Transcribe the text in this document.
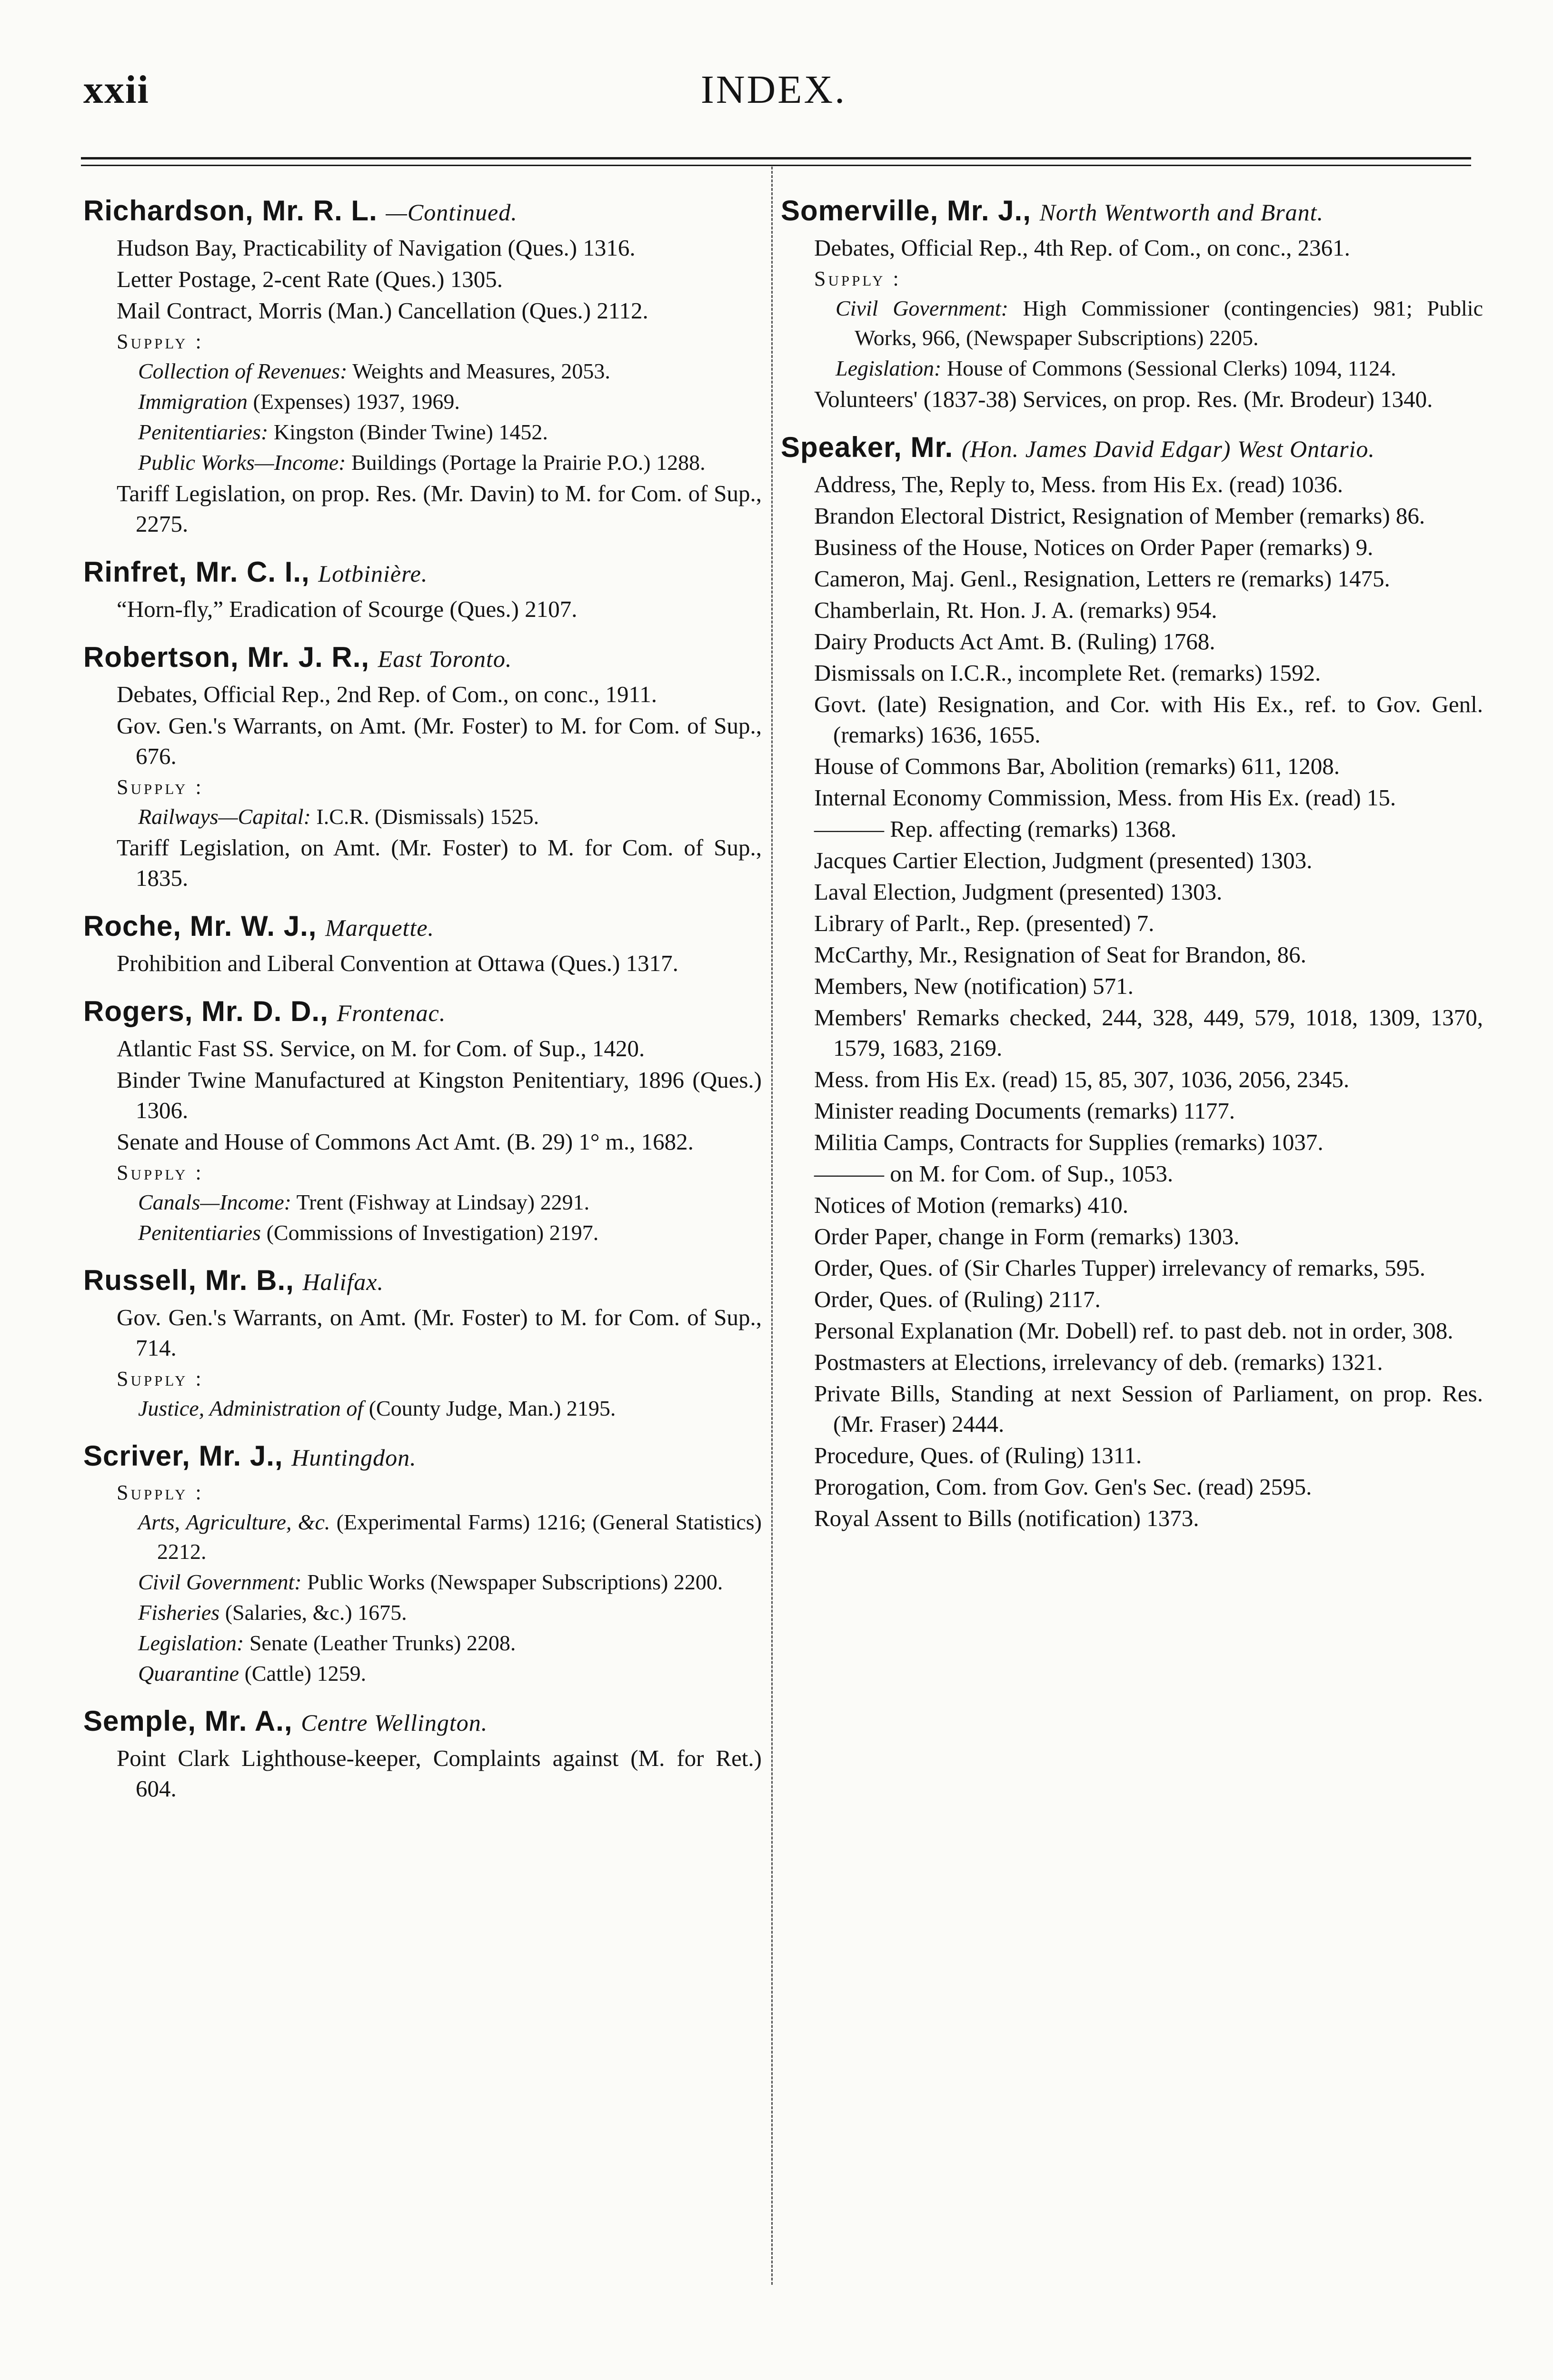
xxii	INDEX.

Richardson, Mr. R. L. —Continued.

Hudson Bay, Practicability of Navigation (Ques.) 1316.

Letter Postage, 2-cent Rate (Ques.) 1305.

Mail Contract, Morris (Man.) Cancellation (Ques.) 2112.

Supply :

Collection of Revenues: Weights and Measures, 2053.

Immigration (Expenses) 1937, 1969.

Penitentiaries: Kingston (Binder Twine) 1452.

Public Works—Income: Buildings (Portage la Prairie P.O.) 1288.

Tariff Legislation, on prop. Res. (Mr. Davin) to M. for Com. of Sup., 2275.

Rinfret, Mr. C. I., Lotbinière.

“Horn-fly,” Eradication of Scourge (Ques.) 2107.

Robertson, Mr. J. R., East Toronto.

Debates, Official Rep., 2nd Rep. of Com., on conc., 1911.

Gov. Gen.'s Warrants, on Amt. (Mr. Foster) to M. for Com. of Sup., 676.

Supply :

Railways—Capital: I.C.R. (Dismissals) 1525.

Tariff Legislation, on Amt. (Mr. Foster) to M. for Com. of Sup., 1835.

Roche, Mr. W. J., Marquette.

Prohibition and Liberal Convention at Ottawa (Ques.) 1317.

Rogers, Mr. D. D., Frontenac.

Atlantic Fast SS. Service, on M. for Com. of Sup., 1420.

Binder Twine Manufactured at Kingston Penitentiary, 1896 (Ques.) 1306.

Senate and House of Commons Act Amt. (B. 29) 1° m., 1682.

Supply :

Canals—Income: Trent (Fishway at Lindsay) 2291.

Penitentiaries (Commissions of Investigation) 2197.

Russell, Mr. B., Halifax.

Gov. Gen.'s Warrants, on Amt. (Mr. Foster) to M. for Com. of Sup., 714.

Supply :

Justice, Administration of (County Judge, Man.) 2195.

Scriver, Mr. J., Huntingdon.

Supply :

Arts, Agriculture, &c. (Experimental Farms) 1216; (General Statistics) 2212.

Civil Government: Public Works (Newspaper Subscriptions) 2200.

Fisheries (Salaries, &c.) 1675.

Legislation: Senate (Leather Trunks) 2208.

Quarantine (Cattle) 1259.

Semple, Mr. A., Centre Wellington.

Point Clark Lighthouse-keeper, Complaints against (M. for Ret.) 604.

Somerville, Mr. J., North Wentworth and Brant.

Debates, Official Rep., 4th Rep. of Com., on conc., 2361.

Supply :

Civil Government: High Commissioner (contingencies) 981; Public Works, 966, (Newspaper Subscriptions) 2205.

Legislation: House of Commons (Sessional Clerks) 1094, 1124.

Volunteers' (1837-38) Services, on prop. Res. (Mr. Brodeur) 1340.

Speaker, Mr. (Hon. James David Edgar) West Ontario.

Address, The, Reply to, Mess. from His Ex. (read) 1036.

Brandon Electoral District, Resignation of Member (remarks) 86.

Business of the House, Notices on Order Paper (remarks) 9.

Cameron, Maj. Genl., Resignation, Letters re (remarks) 1475.

Chamberlain, Rt. Hon. J. A. (remarks) 954.

Dairy Products Act Amt. B. (Ruling) 1768.

Dismissals on I.C.R., incomplete Ret. (remarks) 1592.

Govt. (late) Resignation, and Cor. with His Ex., ref. to Gov. Genl. (remarks) 1636, 1655.

House of Commons Bar, Abolition (remarks) 611, 1208.

Internal Economy Commission, Mess. from His Ex. (read) 15.

——— Rep. affecting (remarks) 1368.

Jacques Cartier Election, Judgment (presented) 1303.

Laval Election, Judgment (presented) 1303.

Library of Parlt., Rep. (presented) 7.

McCarthy, Mr., Resignation of Seat for Brandon, 86.

Members, New (notification) 571.

Members' Remarks checked, 244, 328, 449, 579, 1018, 1309, 1370, 1579, 1683, 2169.

Mess. from His Ex. (read) 15, 85, 307, 1036, 2056, 2345.

Minister reading Documents (remarks) 1177.

Militia Camps, Contracts for Supplies (remarks) 1037.

——— on M. for Com. of Sup., 1053.

Notices of Motion (remarks) 410.

Order Paper, change in Form (remarks) 1303.

Order, Ques. of (Sir Charles Tupper) irrelevancy of remarks, 595.

Order, Ques. of (Ruling) 2117.

Personal Explanation (Mr. Dobell) ref. to past deb. not in order, 308.

Postmasters at Elections, irrelevancy of deb. (remarks) 1321.

Private Bills, Standing at next Session of Parliament, on prop. Res. (Mr. Fraser) 2444.

Procedure, Ques. of (Ruling) 1311.

Prorogation, Com. from Gov. Gen's Sec. (read) 2595.

Royal Assent to Bills (notification) 1373.
